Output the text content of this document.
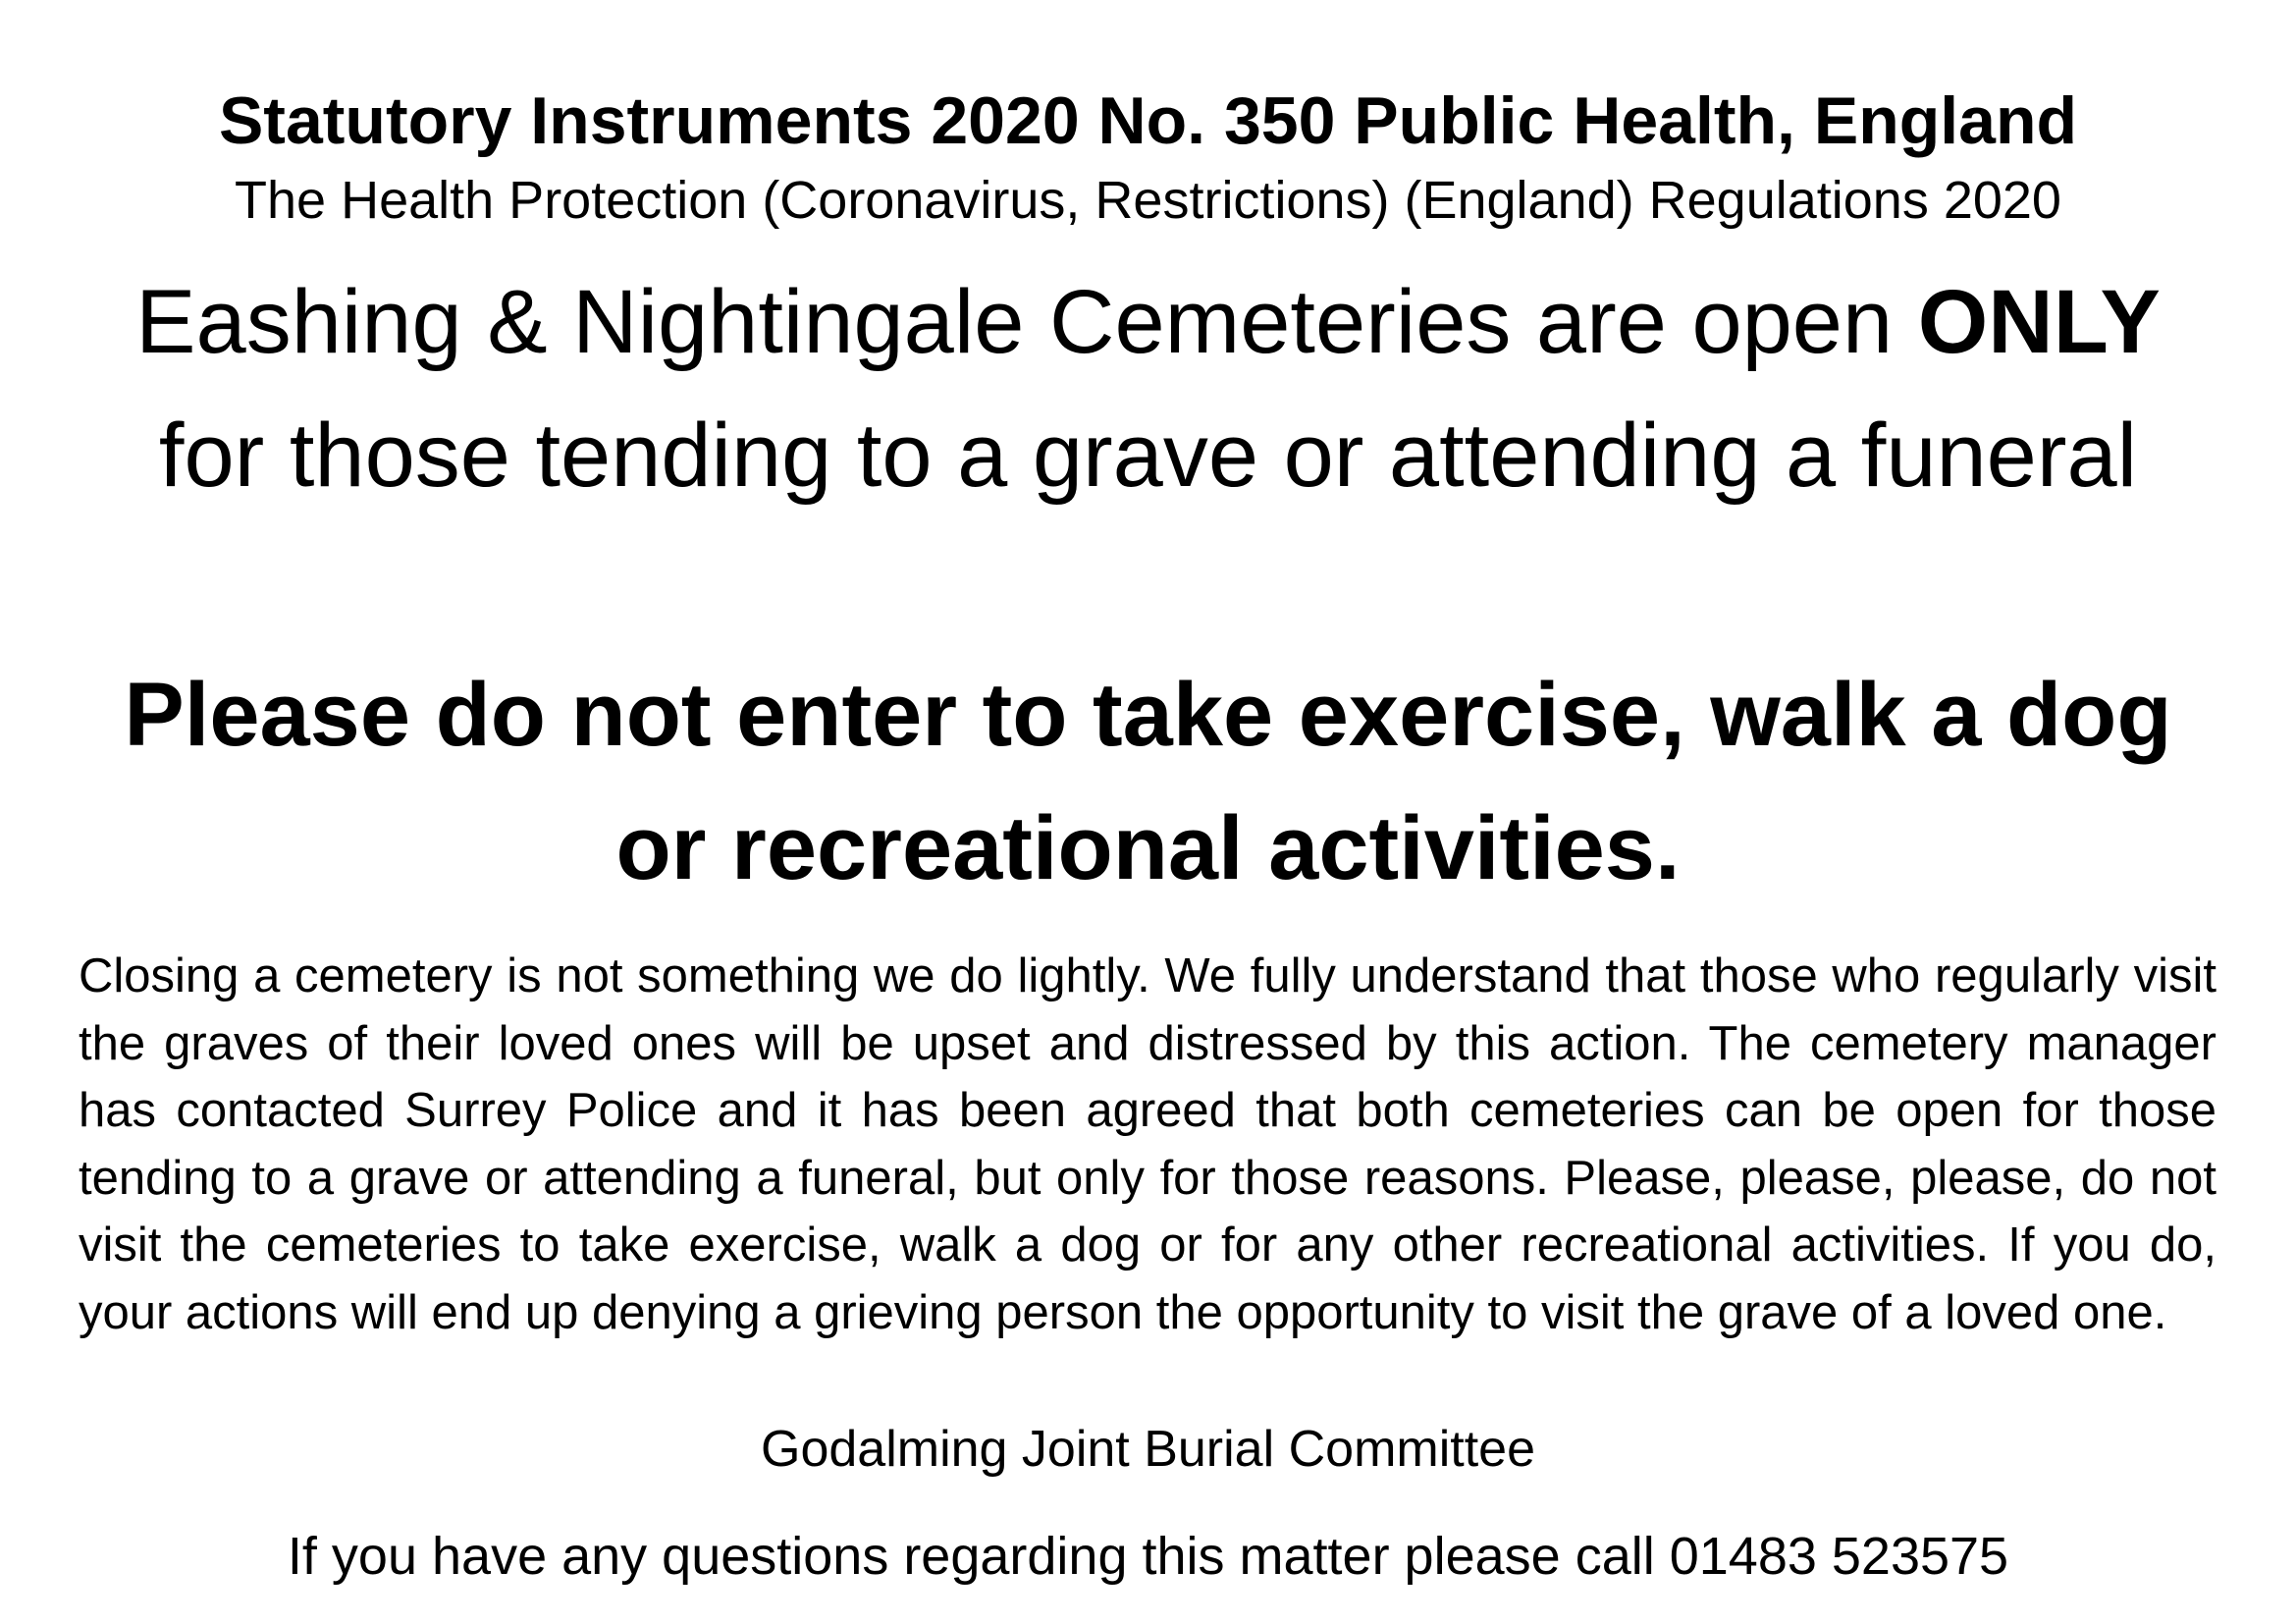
Statutory Instruments 2020 No. 350 Public Health, England

The Health Protection (Coronavirus, Restrictions) (England) Regulations 2020

Eashing & Nightingale Cemeteries are open ONLY for those tending to a grave or attending a funeral

Please do not enter to take exercise, walk a dog or recreational activities.

Closing a cemetery is not something we do lightly. We fully understand that those who regularly visit the graves of their loved ones will be upset and distressed by this action. The cemetery manager has contacted Surrey Police and it has been agreed that both cemeteries can be open for those tending to a grave or attending a funeral, but only for those reasons. Please, please, please, do not visit the cemeteries to take exercise, walk a dog or for any other recreational activities. If you do, your actions will end up denying a grieving person the opportunity to visit the grave of a loved one.

Godalming Joint Burial Committee

If you have any questions regarding this matter please call 01483 523575
